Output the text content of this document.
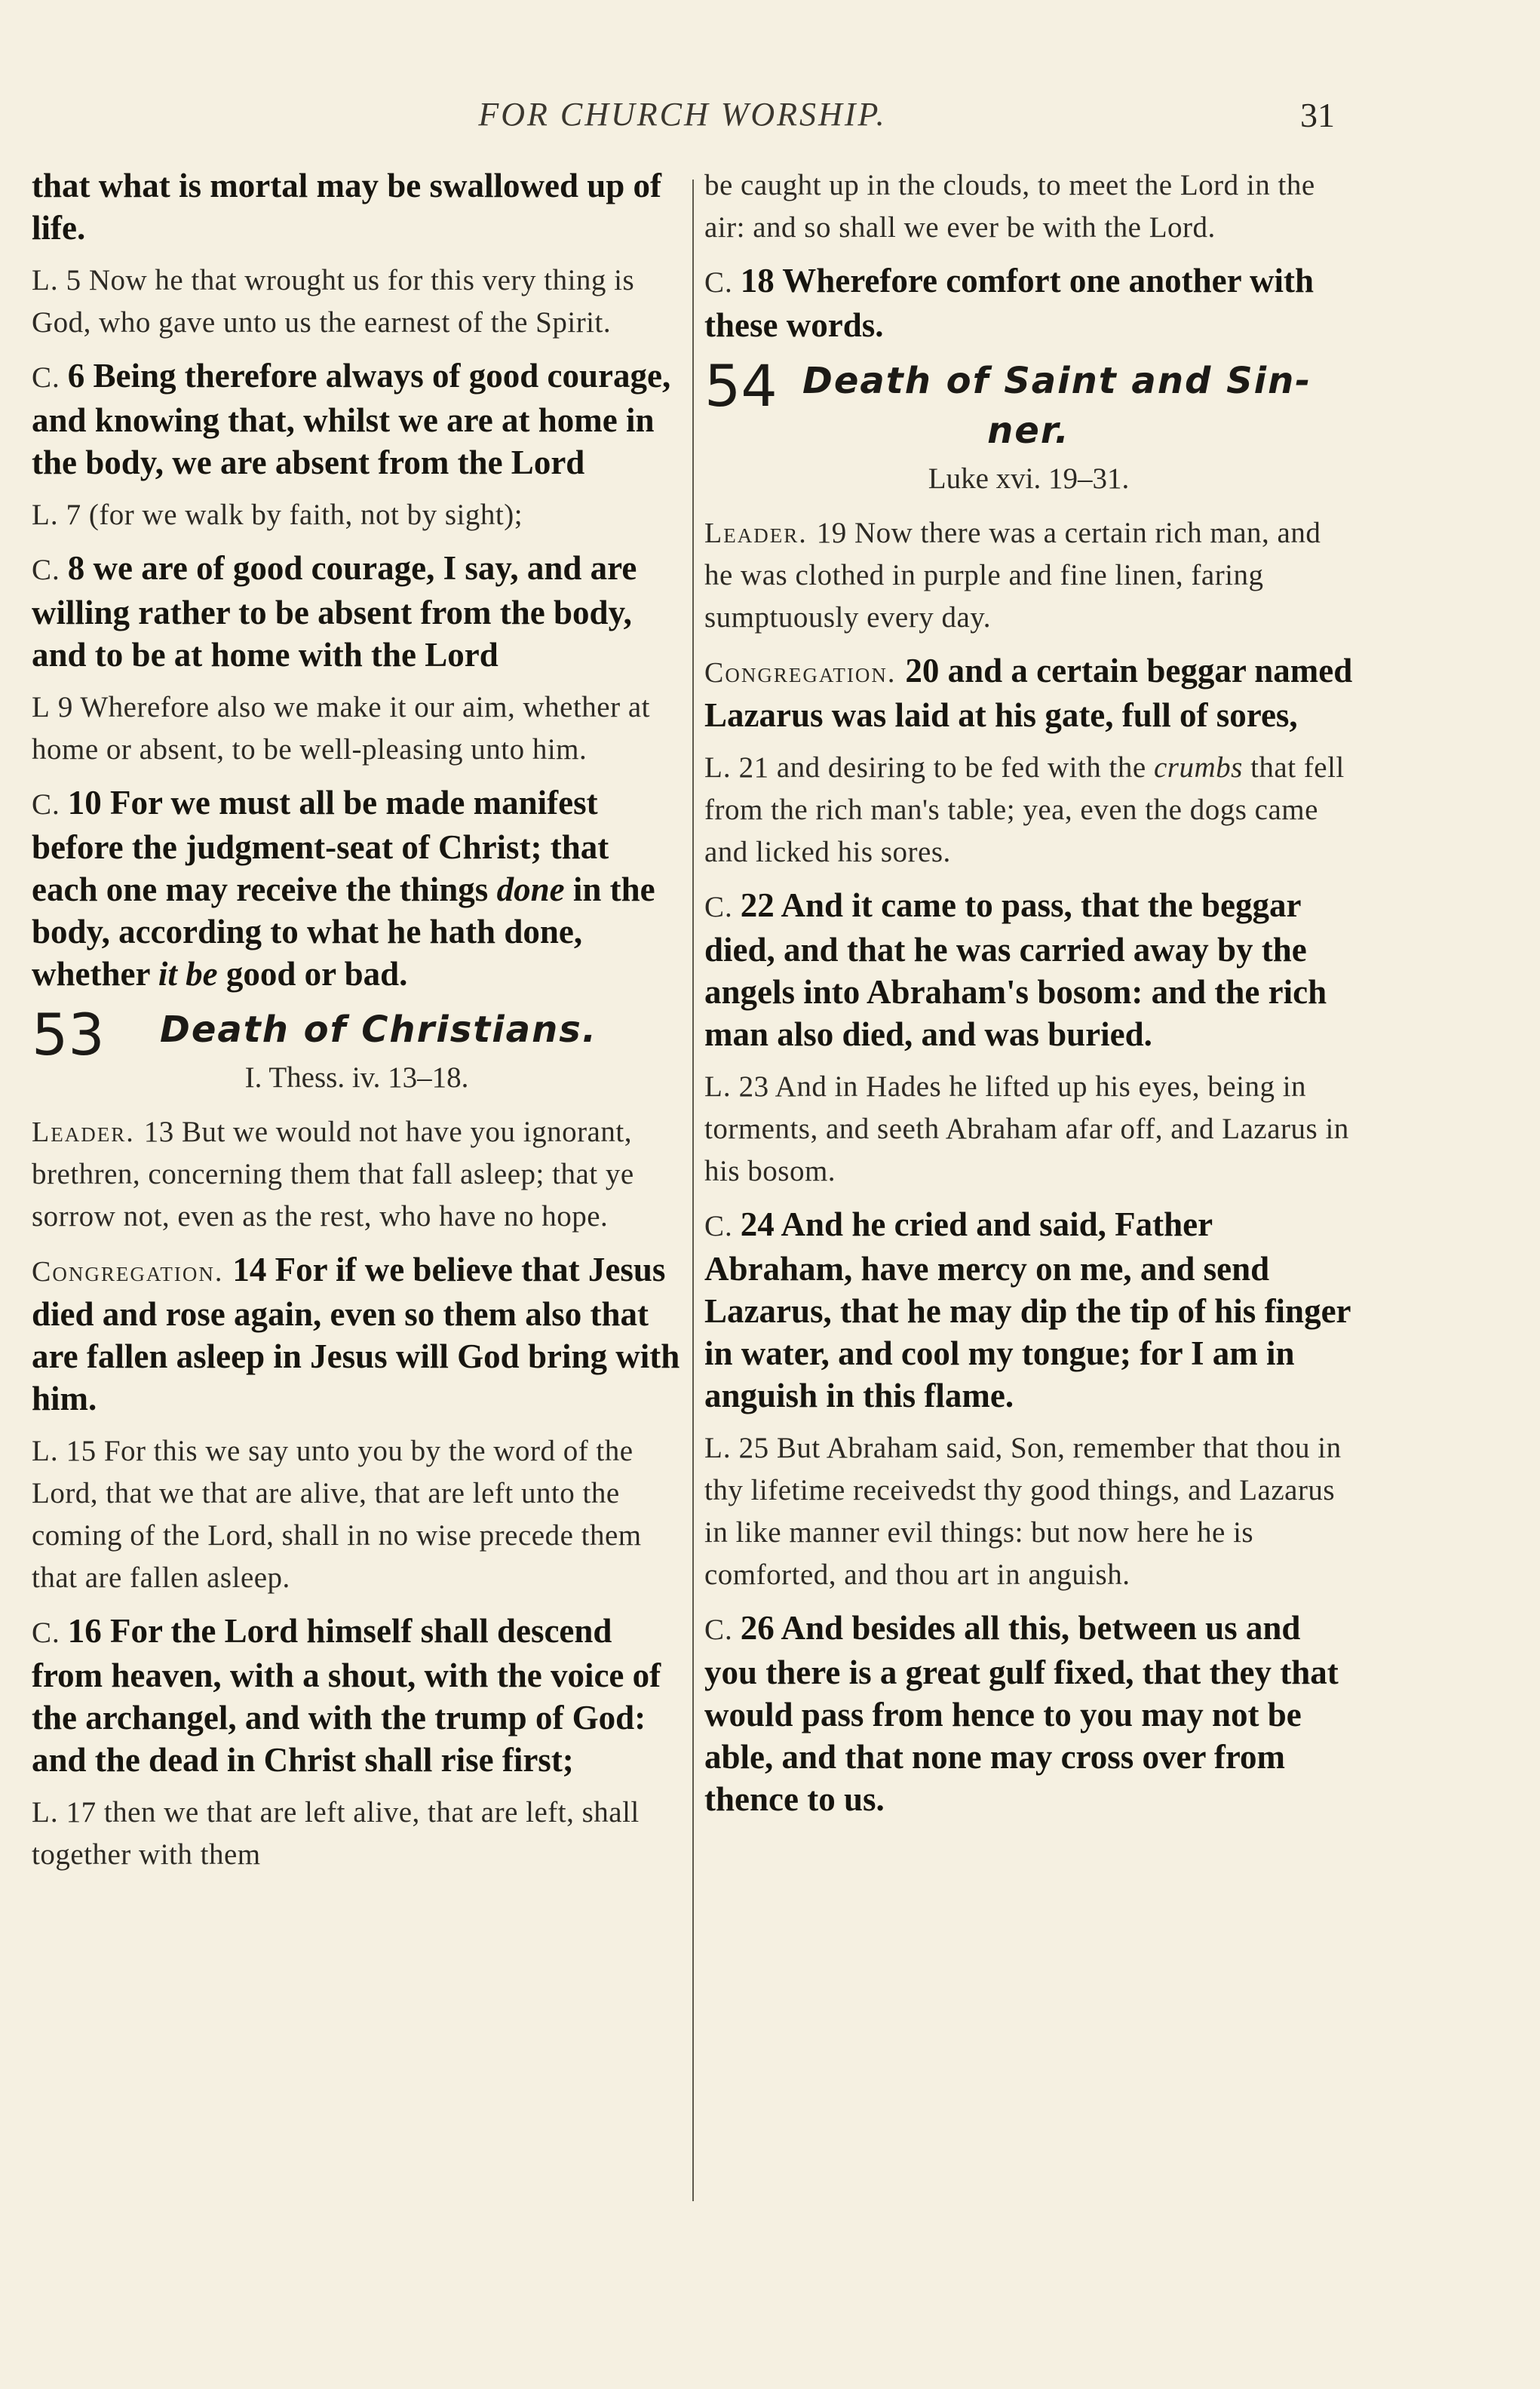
FOR CHURCH WORSHIP.	31

that what is mortal may be swallowed up of life.

L. 5 Now he that wrought us for this very thing is God, who gave unto us the earnest of the Spirit.

C. 6 Being therefore always of good courage, and knowing that, whilst we are at home in the body, we are absent from the Lord

L. 7 (for we walk by faith, not by sight);

C. 8 we are of good courage, I say, and are willing rather to be absent from the body, and to be at home with the Lord

L 9 Wherefore also we make it our aim, whether at home or absent, to be well-pleasing unto him.

C. 10 For we must all be made manifest before the judgment-seat of Christ; that each one may receive the things done in the body, according to what he hath done, whether it be good or bad.

53 Death of Christians.
I. Thess. iv. 13–18.

Leader. 13 But we would not have you ignorant, brethren, concerning them that fall asleep; that ye sorrow not, even as the rest, who have no hope.

Congregation. 14 For if we believe that Jesus died and rose again, even so them also that are fallen asleep in Jesus will God bring with him.

L. 15 For this we say unto you by the word of the Lord, that we that are alive, that are left unto the coming of the Lord, shall in no wise precede them that are fallen asleep.

C. 16 For the Lord himself shall descend from heaven, with a shout, with the voice of the archangel, and with the trump of God: and the dead in Christ shall rise first;

L. 17 then we that are left alive, that are left, shall together with them

be caught up in the clouds, to meet the Lord in the air: and so shall we ever be with the Lord.

C. 18 Wherefore comfort one another with these words.

54 Death of Saint and Sin-
ner.
Luke xvi. 19–31.

Leader. 19 Now there was a certain rich man, and he was clothed in purple and fine linen, faring sumptuously every day.

Congregation. 20 and a certain beggar named Lazarus was laid at his gate, full of sores,

L. 21 and desiring to be fed with the crumbs that fell from the rich man's table; yea, even the dogs came and licked his sores.

C. 22 And it came to pass, that the beggar died, and that he was carried away by the angels into Abraham's bosom: and the rich man also died, and was buried.

L. 23 And in Hades he lifted up his eyes, being in torments, and seeth Abraham afar off, and Lazarus in his bosom.

C. 24 And he cried and said, Father Abraham, have mercy on me, and send Lazarus, that he may dip the tip of his finger in water, and cool my tongue; for I am in anguish in this flame.

L. 25 But Abraham said, Son, remember that thou in thy lifetime receivedst thy good things, and Lazarus in like manner evil things: but now here he is comforted, and thou art in anguish.

C. 26 And besides all this, between us and you there is a great gulf fixed, that they that would pass from hence to you may not be able, and that none may cross over from thence to us.
